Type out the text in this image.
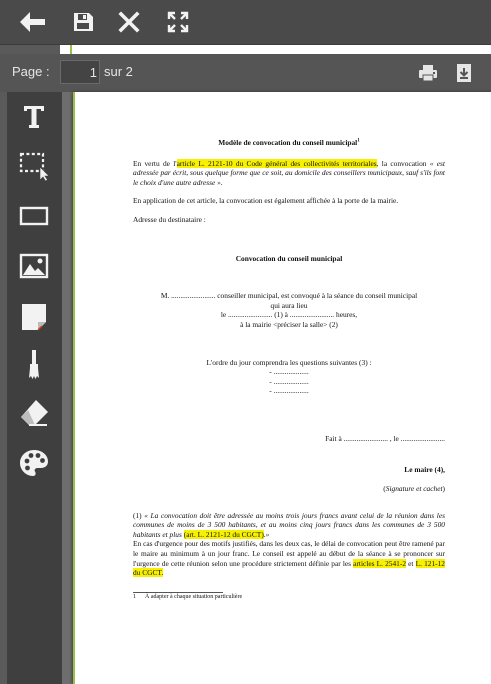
Page :
1	sur 2

Modèle de convocation du conseil municipal$^1$

En vertu de l'article L. 2121-10 du Code général des collectivités territoriales, la convocation « est adressée par écrit, sous quelque forme que ce soit, au domicile des conseillers municipaux, sauf s'ils font le choix d'une autre adresse ».

En application de cet article, la convocation est également affichée à la porte de la mairie.

Adresse du destinataire :

Convocation du conseil municipal

M. ........................ conseiller municipal, est convoqué à la séance du conseil municipal

qui aura lieu

le ........................ (1) à ........................ heures,

à la mairie <préciser la salle> (2)

L'ordre du jour comprendra les questions suivantes (3) :

- ...................

- ...................

- ...................

Fait à ........................ , le ........................

Le maire (4),

(Signature et cachet)

(1) « La convocation doit être adressée au moins trois jours francs avant celui de la réunion dans les communes de moins de 3 500 habitants, et au moins cinq jours francs dans les communes de 3 500 habitants et plus (art. L. 2121-12 du CGCT).»

En cas d'urgence pour des motifs justifiés, dans les deux cas, le délai de convocation peut être ramené par le maire au minimum à un jour franc. Le conseil est appelé au début de la séance à se prononcer sur l'urgence de cette réunion selon une procédure strictement définie par les articles L. 2541-2 et L. 121-12 du CGCT.

1      À adapter à chaque situation particulière
